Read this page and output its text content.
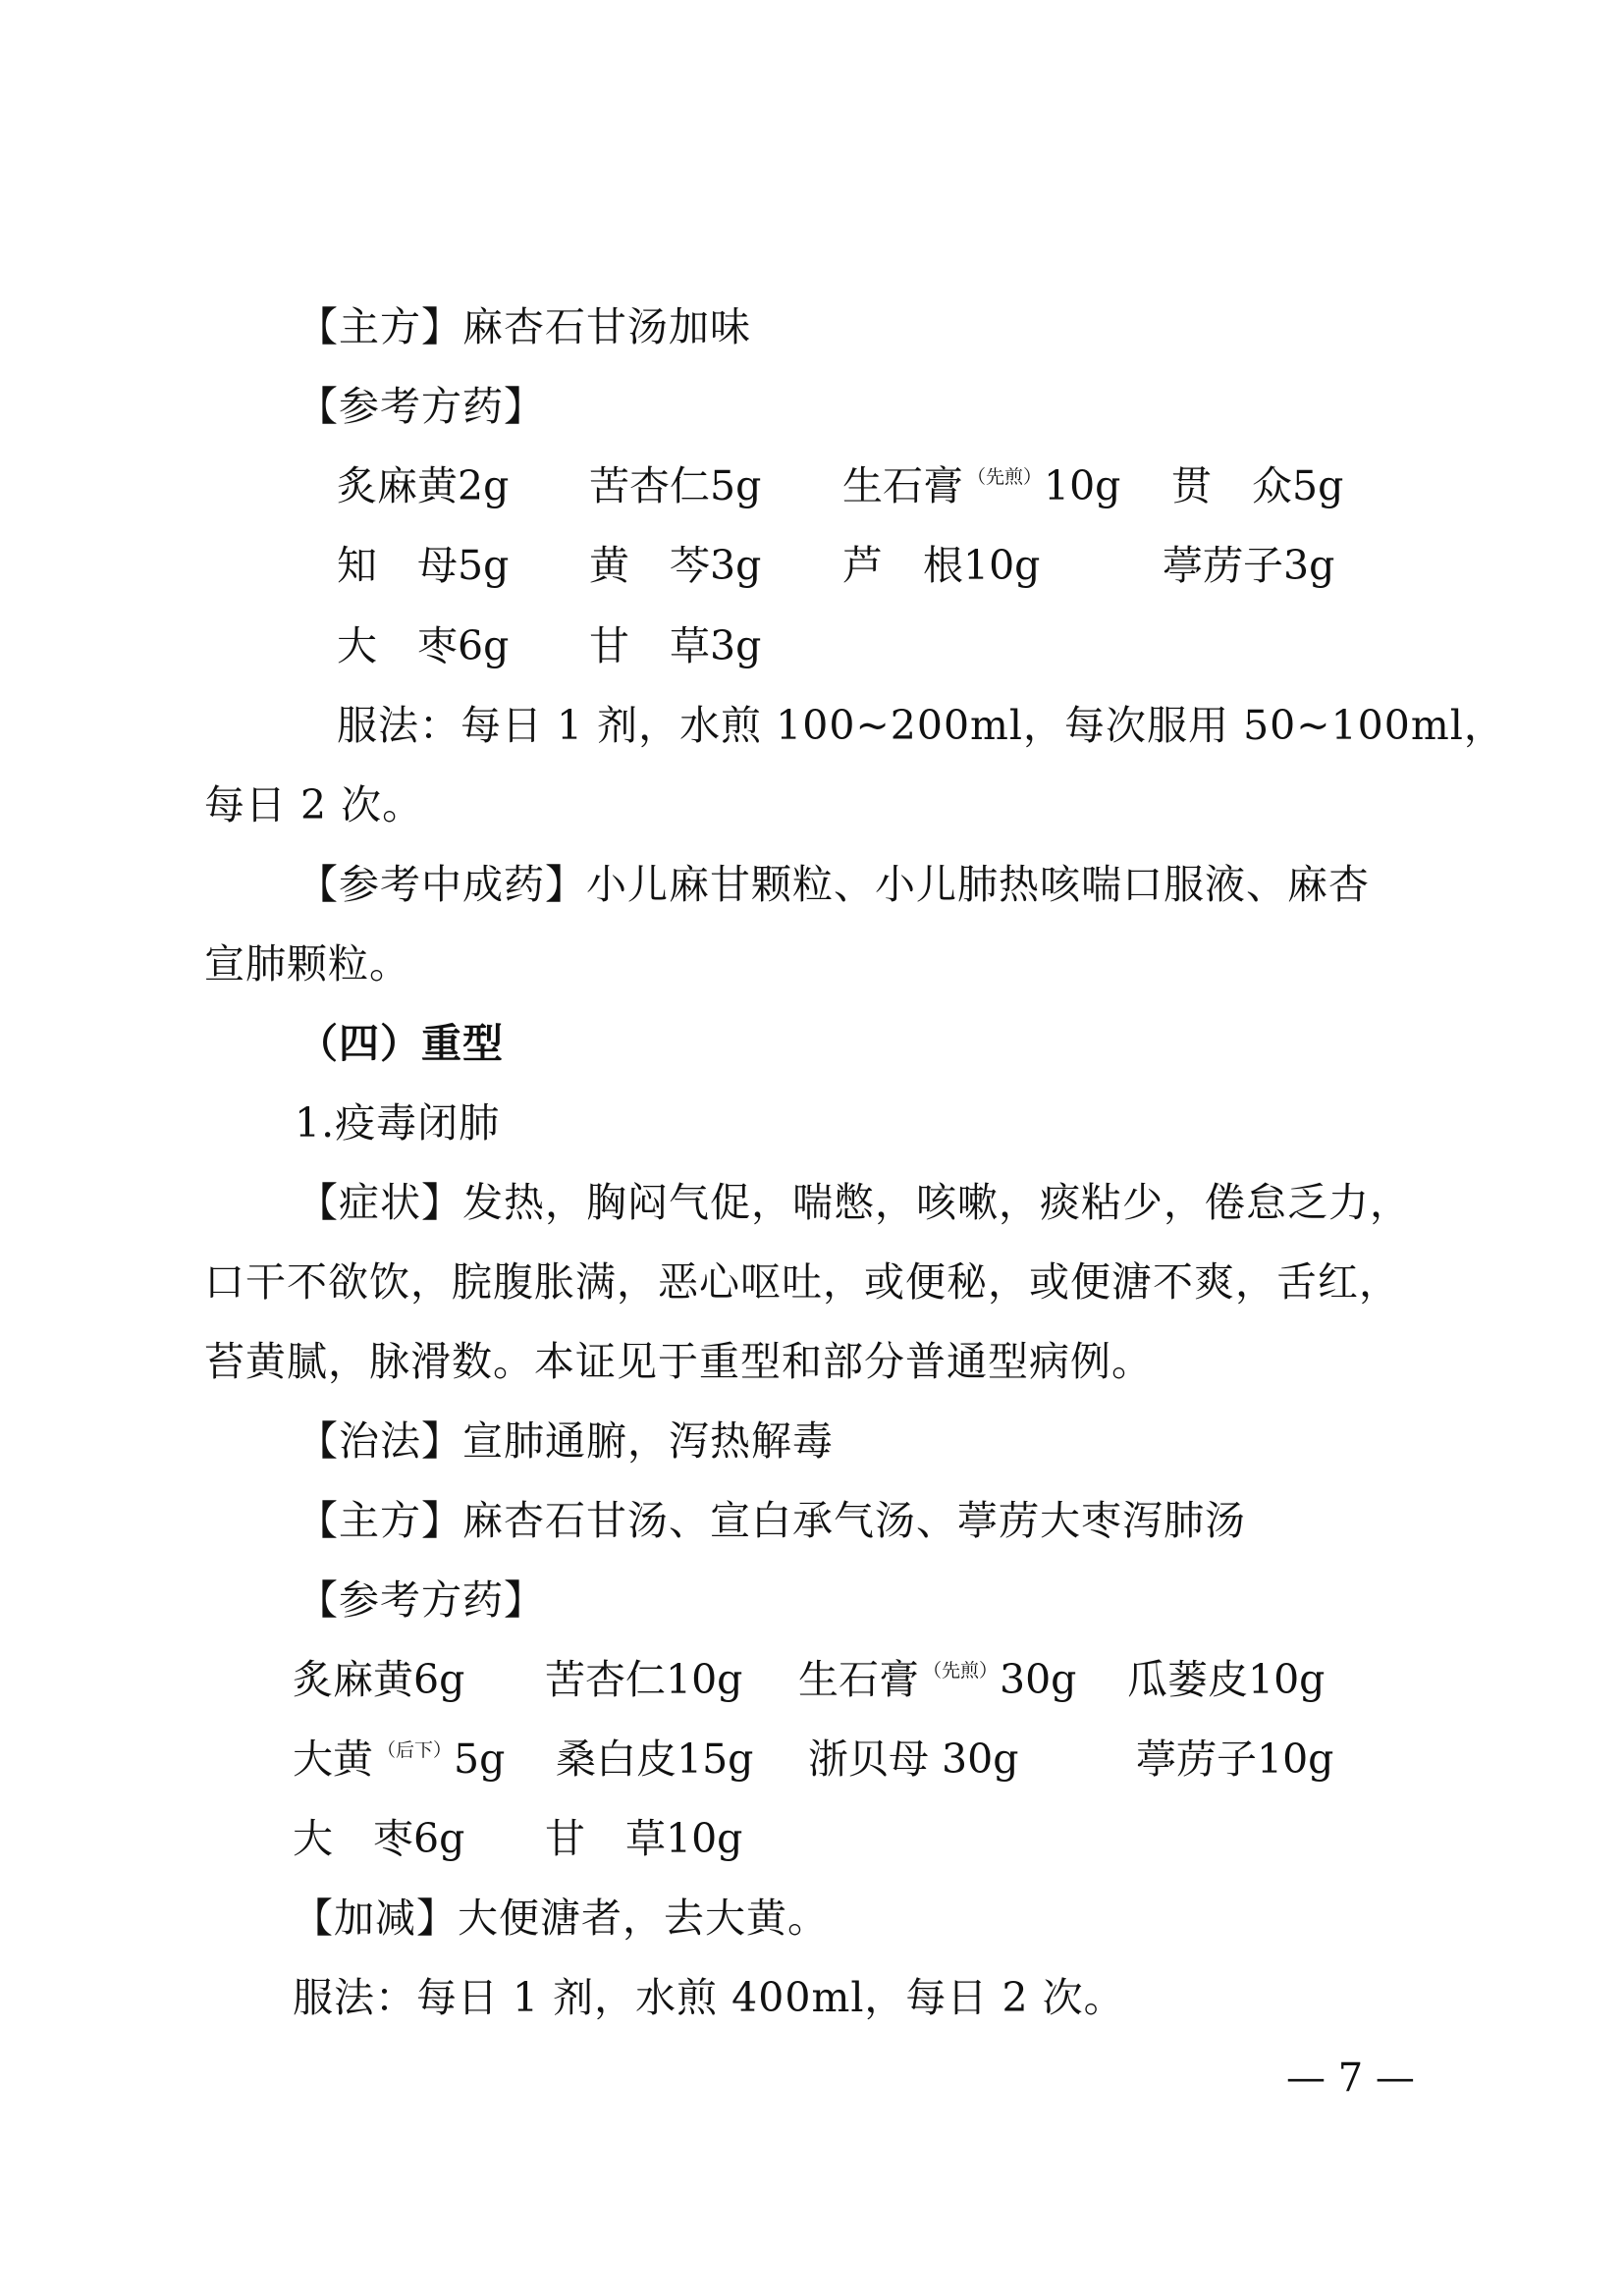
【主方】麻杏石甘汤加味
【参考方药】
炙麻黄2g 苦杏仁5g 生石膏 $^{(先煎)}$10g 贯　众5g
知　母5g 黄　芩3g 芦　根10g	葶苈子3g
大　枣6g 甘　草3g
服法：每日 1 剂，水煎 100~200ml，每次服用 50~100ml，
每日 2 次。
【参考中成药】小儿麻甘颗粒、小儿肺热咳喘口服液、麻杏
宣肺颗粒。
（四）重型
1.疫毒闭肺
【症状】发热，胸闷气促，喘憋，咳嗽，痰粘少，倦怠乏力，
口干不欲饮，脘腹胀满，恶心呕吐，或便秘，或便溏不爽，舌红，
苔黄腻，脉滑数。本证见于重型和部分普通型病例。
【治法】宣肺通腑，泻热解毒
【主方】麻杏石甘汤、宣白承气汤、葶苈大枣泻肺汤
【参考方药】
炙麻黄6g 苦杏仁10g 生石膏 $^{(先煎)}$30g 瓜蒌皮10g
大黄 $^{(后下)}$5g 桑白皮15g 浙贝母 30g	葶苈子10g
大　枣6g 甘　草10g
【加减】大便溏者，去大黄。
服法：每日 1 剂，水煎 400ml，每日 2 次。
— 7 —
